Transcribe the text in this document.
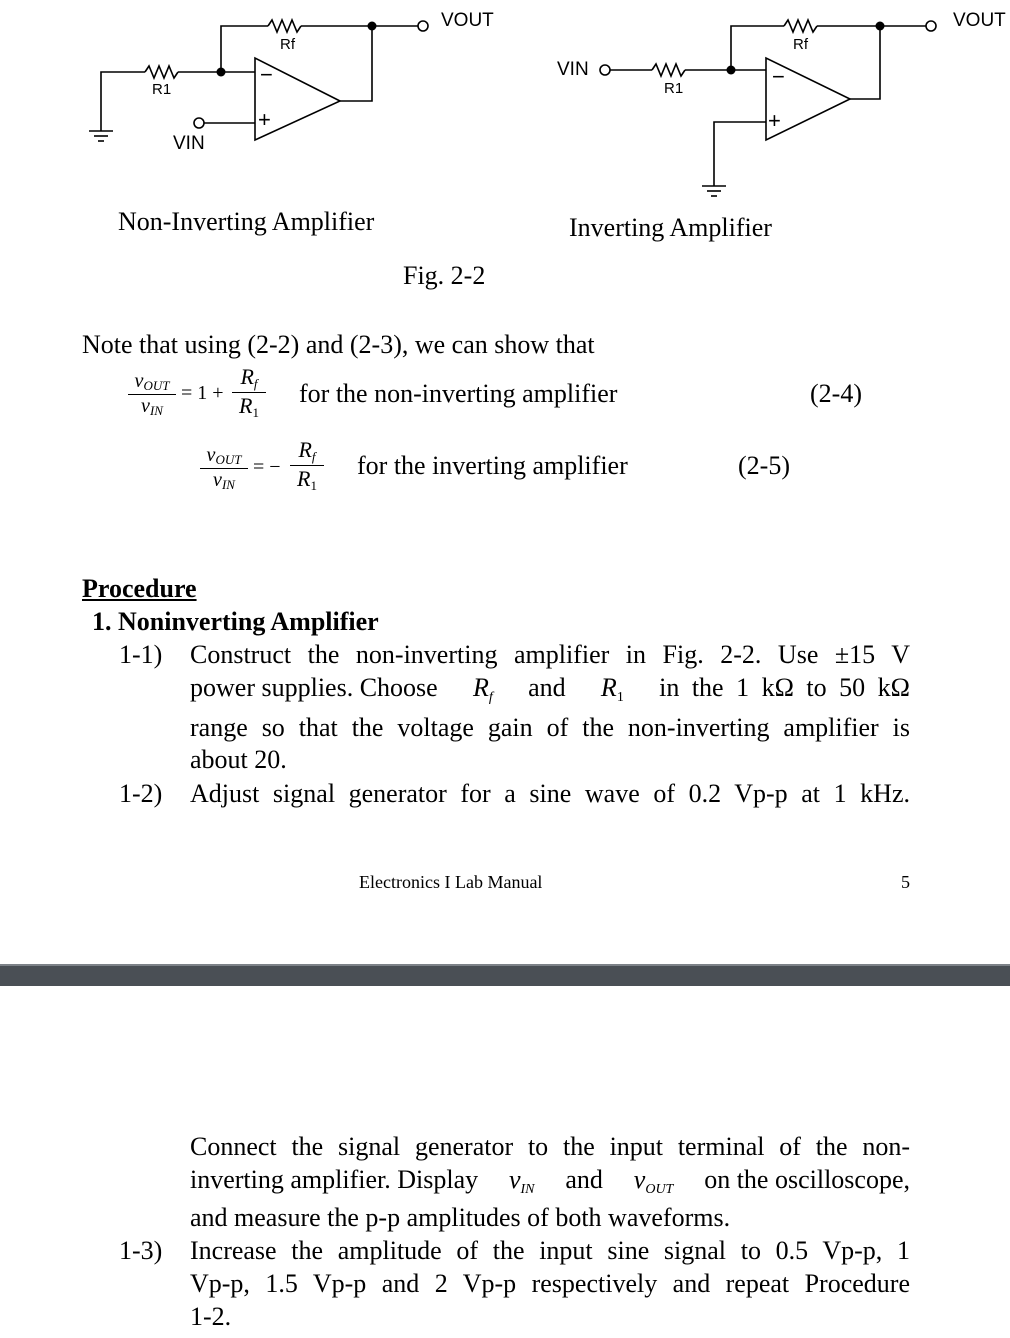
−
+
Rf
R1
VIN
VOUT
Non-Inverting Amplifier
−
+
Rf
R1
VIN
VOUT
Inverting Amplifier
Fig. 2-2
Note that using (2-2) and (2-3), we can show that
vOUT
vIN
= 1 +
Rf
R1
for the non-inverting amplifier	(2-4)
vOUT
vIN
= −
Rf
R1
for the inverting amplifier	(2-5)
Procedure
1. Noninverting Amplifier
1-1) Construct the non-inverting amplifier in Fig. 2-2. Use ±15 V
power supplies. Choose Rf and R1 in the 1 kΩ to 50 kΩ
range so that the voltage gain of the non-inverting amplifier is
about 20.
1-2) Adjust signal generator for a sine wave of 0.2 Vp-p at 1 kHz.
Electronics I Lab Manual	5
Connect the signal generator to the input terminal of the non-
inverting amplifier. Display vIN and vOUT on the oscilloscope,
and measure the p-p amplitudes of both waveforms.
1-3) Increase the amplitude of the input sine signal to 0.5 Vp-p, 1
Vp-p, 1.5 Vp-p and 2 Vp-p respectively and repeat Procedure
1-2.
